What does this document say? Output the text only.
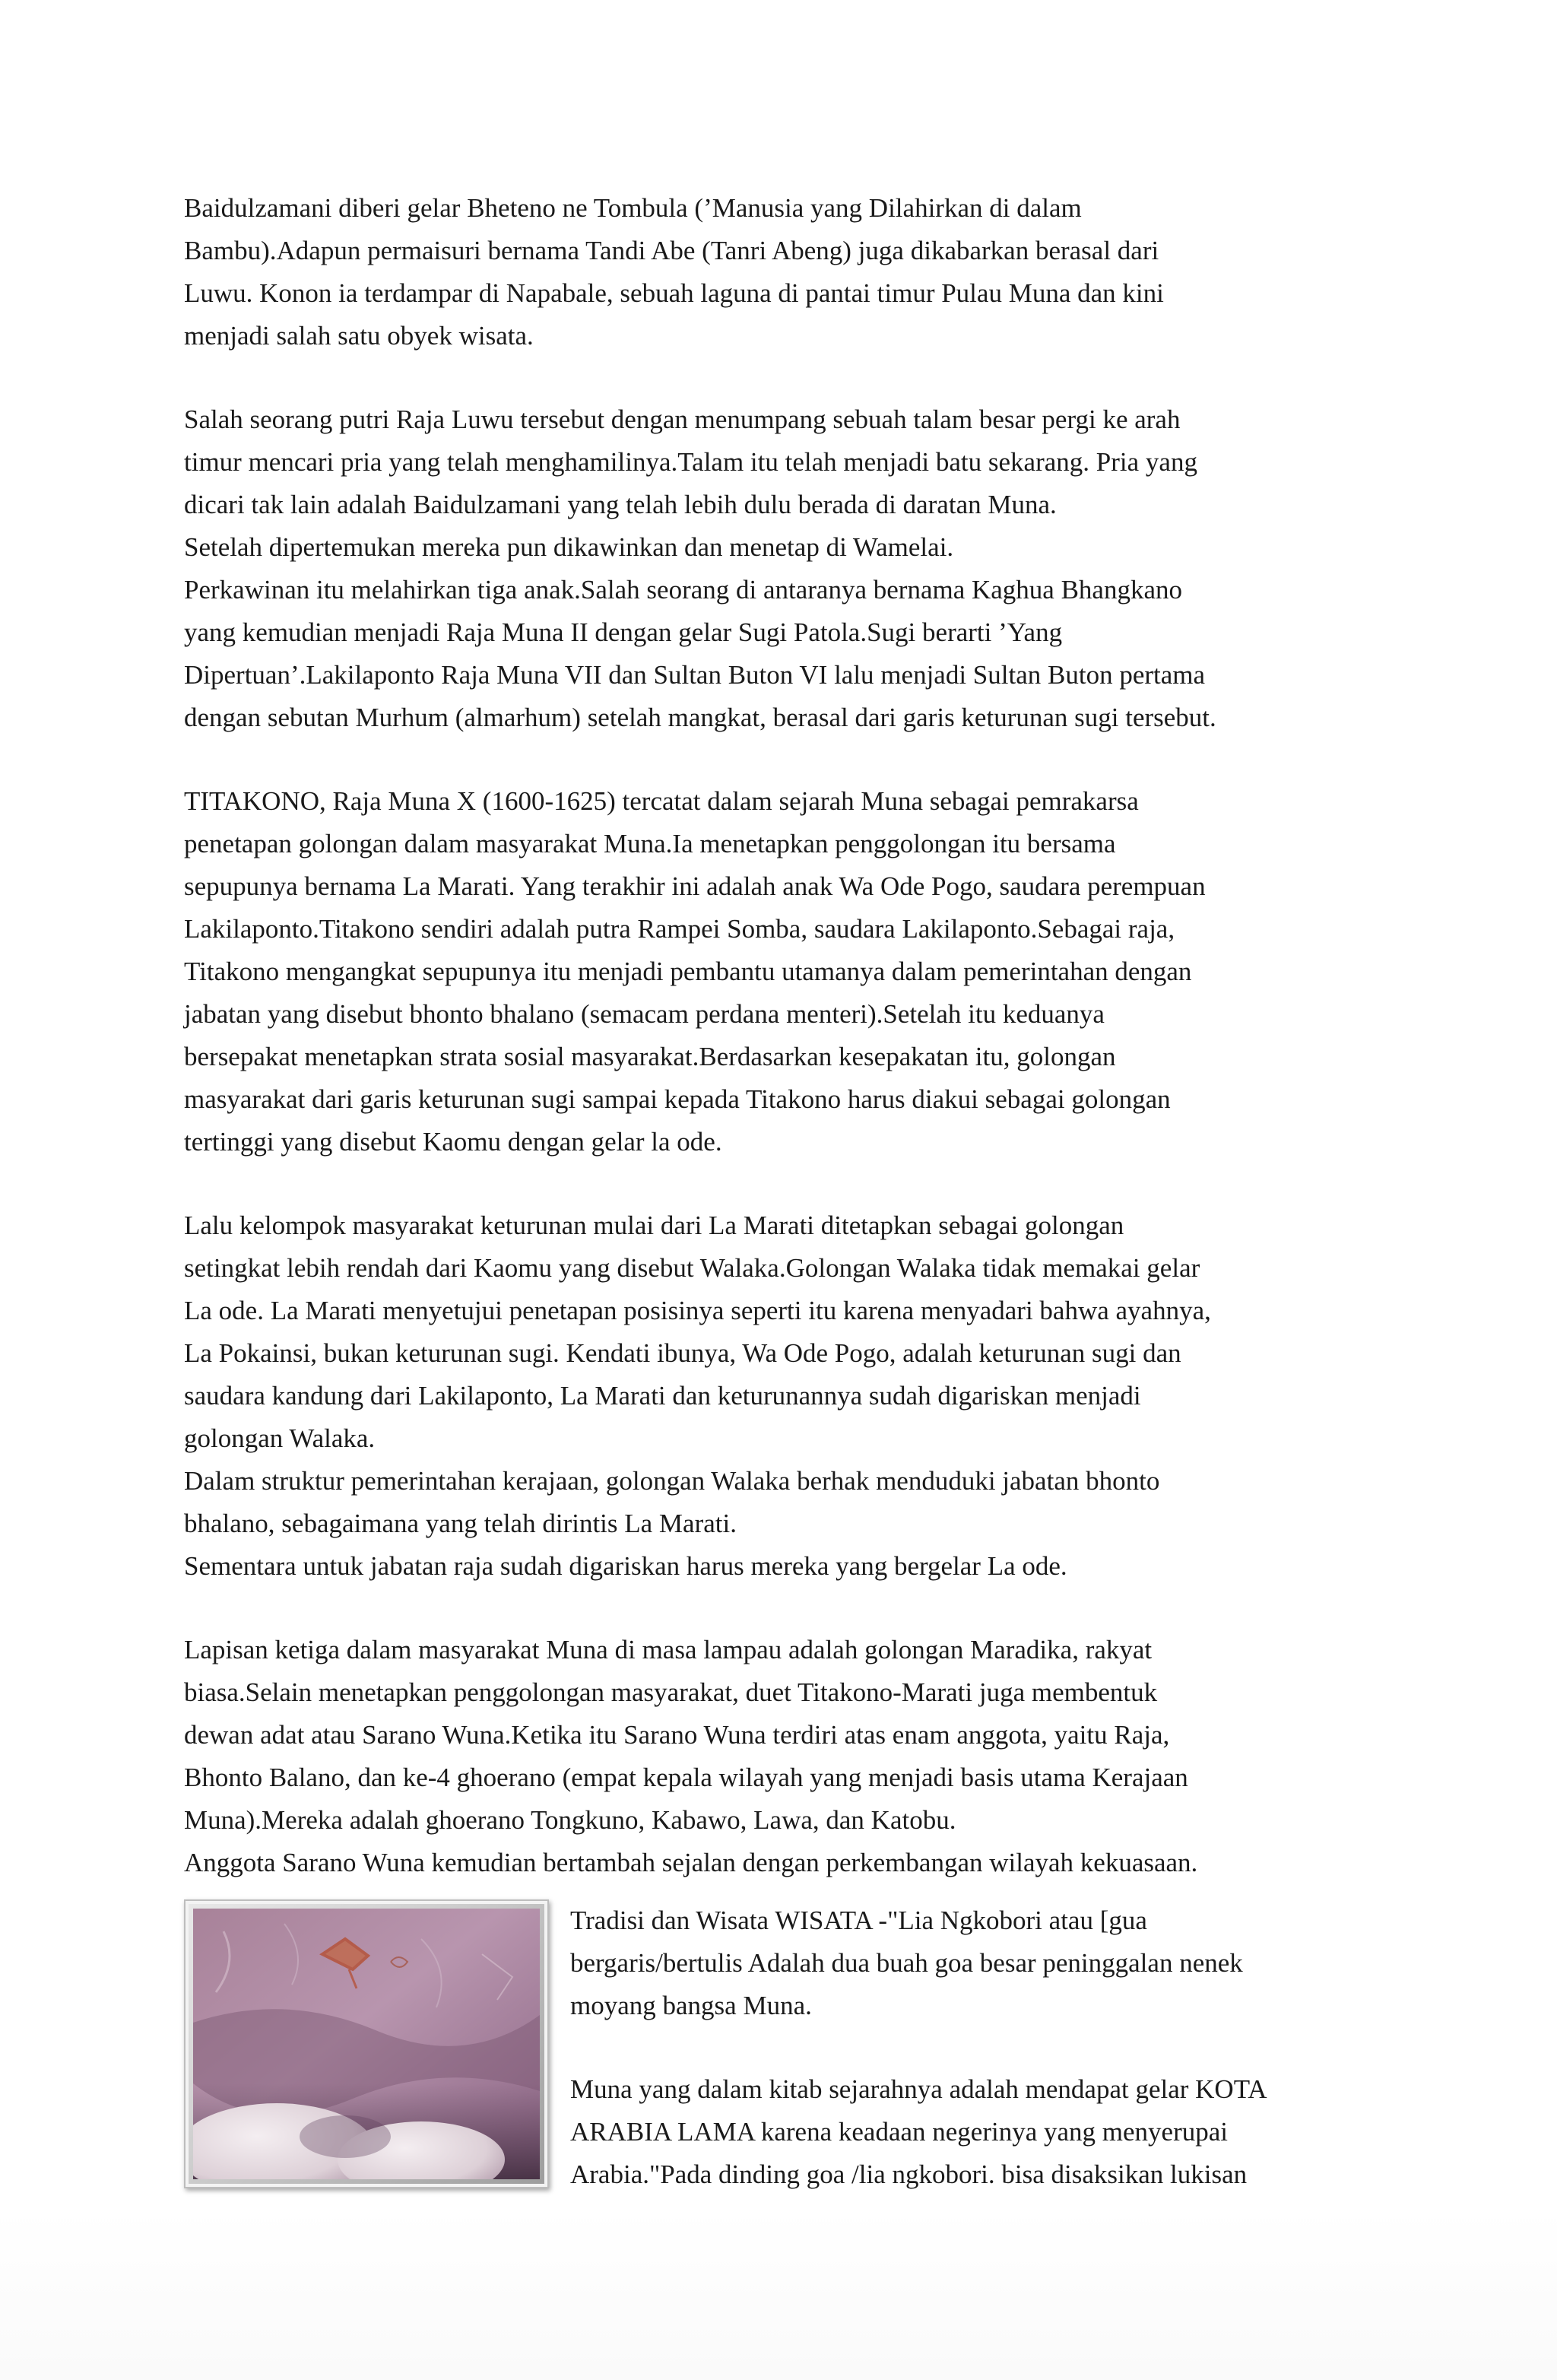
Baidulzamani diberi gelar Bheteno ne Tombula (’Manusia yang Dilahirkan di dalam
Bambu).Adapun permaisuri bernama Tandi Abe (Tanri Abeng) juga dikabarkan berasal dari
Luwu. Konon ia terdampar di Napabale, sebuah laguna di pantai timur Pulau Muna dan kini
menjadi salah satu obyek wisata.

Salah seorang putri Raja Luwu tersebut dengan menumpang sebuah talam besar pergi ke arah
timur mencari pria yang telah menghamilinya.Talam itu telah menjadi batu sekarang. Pria yang
dicari tak lain adalah Baidulzamani yang telah lebih dulu berada di daratan Muna.
Setelah dipertemukan mereka pun dikawinkan dan menetap di Wamelai.
Perkawinan itu melahirkan tiga anak.Salah seorang di antaranya bernama Kaghua Bhangkano
yang kemudian menjadi Raja Muna II dengan gelar Sugi Patola.Sugi berarti ’Yang
Dipertuan’.Lakilaponto Raja Muna VII dan Sultan Buton VI lalu menjadi Sultan Buton pertama
dengan sebutan Murhum (almarhum) setelah mangkat, berasal dari garis keturunan sugi tersebut.

TITAKONO, Raja Muna X (1600-1625) tercatat dalam sejarah Muna sebagai pemrakarsa
penetapan golongan dalam masyarakat Muna.Ia menetapkan penggolongan itu bersama
sepupunya bernama La Marati. Yang terakhir ini adalah anak Wa Ode Pogo, saudara perempuan
Lakilaponto.Titakono sendiri adalah putra Rampei Somba, saudara Lakilaponto.Sebagai raja,
Titakono mengangkat sepupunya itu menjadi pembantu utamanya dalam pemerintahan dengan
jabatan yang disebut bhonto bhalano (semacam perdana menteri).Setelah itu keduanya
bersepakat menetapkan strata sosial masyarakat.Berdasarkan kesepakatan itu, golongan
masyarakat dari garis keturunan sugi sampai kepada Titakono harus diakui sebagai golongan
tertinggi yang disebut Kaomu dengan gelar la ode.

Lalu kelompok masyarakat keturunan mulai dari La Marati ditetapkan sebagai golongan
setingkat lebih rendah dari Kaomu yang disebut Walaka.Golongan Walaka tidak memakai gelar
La ode. La Marati menyetujui penetapan posisinya seperti itu karena menyadari bahwa ayahnya,
La Pokainsi, bukan keturunan sugi. Kendati ibunya, Wa Ode Pogo, adalah keturunan sugi dan
saudara kandung dari Lakilaponto, La Marati dan keturunannya sudah digariskan menjadi
golongan Walaka.
Dalam struktur pemerintahan kerajaan, golongan Walaka berhak menduduki jabatan bhonto
bhalano, sebagaimana yang telah dirintis La Marati.
Sementara untuk jabatan raja sudah digariskan harus mereka yang bergelar La ode.

Lapisan ketiga dalam masyarakat Muna di masa lampau adalah golongan Maradika, rakyat
biasa.Selain menetapkan penggolongan masyarakat, duet Titakono-Marati juga membentuk
dewan adat atau Sarano Wuna.Ketika itu Sarano Wuna terdiri atas enam anggota, yaitu Raja,
Bhonto Balano, dan ke-4 ghoerano (empat kepala wilayah yang menjadi basis utama Kerajaan
Muna).Mereka adalah ghoerano Tongkuno, Kabawo, Lawa, dan Katobu.
Anggota Sarano Wuna kemudian bertambah sejalan dengan perkembangan wilayah kekuasaan.

Tradisi dan Wisata WISATA -"Lia Ngkobori atau [gua
bergaris/bertulis Adalah dua buah goa besar peninggalan nenek
moyang bangsa Muna.

Muna yang dalam kitab sejarahnya adalah mendapat gelar KOTA
ARABIA LAMA karena keadaan negerinya yang menyerupai
Arabia."Pada dinding goa /lia ngkobori. bisa disaksikan lukisan
